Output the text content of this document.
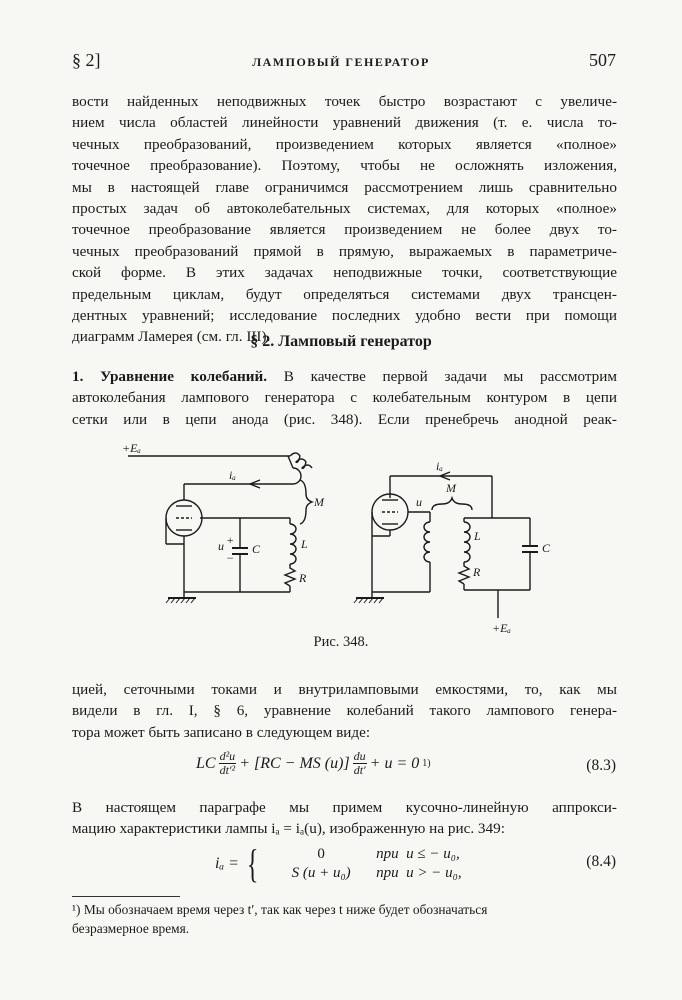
§ 2]	ЛАМПОВЫЙ ГЕНЕРАТОР	507
вости найденных неподвижных точек быстро возрастают с увеличе-
нием числа областей линейности уравнений движения (т. е. числа то-
чечных преобразований, произведением которых является «полное»
точечное преобразование). Поэтому, чтобы не осложнять изложения,
мы в настоящей главе ограничимся рассмотрением лишь сравнительно
простых задач об автоколебательных системах, для которых «полное»
точечное преобразование является произведением не более двух то-
чечных преобразований прямой в прямую, выражаемых в параметриче-
ской форме. В этих задачах неподвижные точки, соответствующие
предельным циклам, будут определяться системами двух трансцен-
дентных уравнений; исследование последних удобно вести при помощи
диаграмм Ламерея (см. гл. III).
§ 2. Ламповый генератор
1. Уравнение колебаний. В качестве первой задачи мы рассмотрим
автоколебания лампового генератора с колебательным контуром в цепи
сетки или в цепи анода (рис. 348). Если пренебречь анодной реак-
+Eₐ
iₐ
M
u +
−
C	L
R
iₐ
u
M
L
R
C
+Eₐ
Рис. 348.
цией, сеточными токами и внутриламповыми емкостями, то, как мы
видели в гл. I, § 6, уравнение колебаний такого лампового генера-
тора может быть записано в следующем виде:
LC $\frac{\text{d²u}}{\text{dt′²}} + [RC$ − MS $(u)] \frac{du}{dt'} + u = 0$ 1)	(8.3)
В настоящем параграфе мы примем кусочно-линейную аппрокси-
мацию характеристики лампы iₐ = iₐ(u), изображенную на рис. 349:
iₐ = {	0	при  u ≤ − u₀,
S (u + u₀)	при  u > − u₀,
(8.4)
¹) Мы обозначаем время через t′, так как через t ниже будет обозначаться
безразмерное время.
